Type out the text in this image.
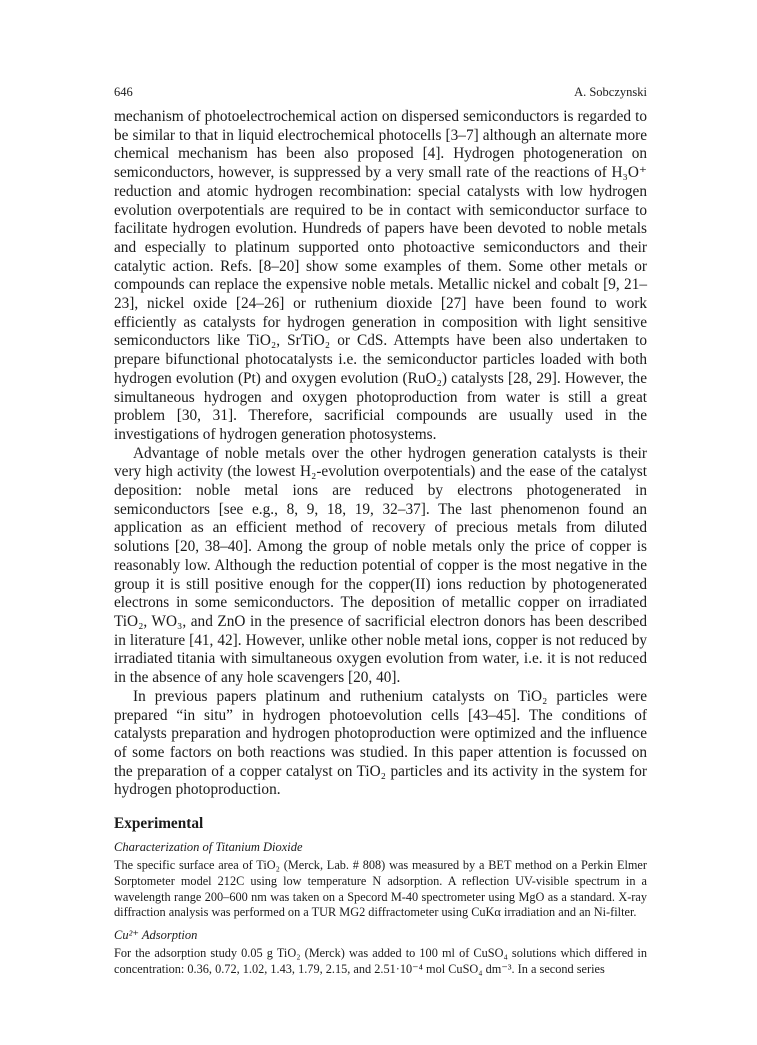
646	A. Sobczynski

mechanism of photoelectrochemical action on dispersed semiconductors is regarded to be similar to that in liquid electrochemical photocells [3–7] although an alternate more chemical mechanism has been also proposed [4]. Hydrogen photogeneration on semiconductors, however, is suppressed by a very small rate of the reactions of H₃O⁺ reduction and atomic hydrogen recombination: special catalysts with low hydrogen evolution overpotentials are required to be in contact with semiconductor surface to facilitate hydrogen evolution. Hundreds of papers have been devoted to noble metals and especially to platinum supported onto photoactive semiconductors and their catalytic action. Refs. [8–20] show some examples of them. Some other metals or compounds can replace the expensive noble metals. Metallic nickel and cobalt [9, 21–23], nickel oxide [24–26] or ruthenium dioxide [27] have been found to work efficiently as catalysts for hydrogen generation in composition with light sensitive semiconductors like TiO₂, SrTiO₂ or CdS. Attempts have been also undertaken to prepare bifunctional photocatalysts i.e. the semiconductor particles loaded with both hydrogen evolution (Pt) and oxygen evolution (RuO₂) catalysts [28, 29]. However, the simultaneous hydrogen and oxygen photoproduction from water is still a great problem [30, 31]. Therefore, sacrificial compounds are usually used in the investigations of hydrogen generation photosystems.

Advantage of noble metals over the other hydrogen generation catalysts is their very high activity (the lowest H₂-evolution overpotentials) and the ease of the catalyst deposition: noble metal ions are reduced by electrons photogenerated in semiconductors [see e.g., 8, 9, 18, 19, 32–37]. The last phenomenon found an application as an efficient method of recovery of precious metals from diluted solutions [20, 38–40]. Among the group of noble metals only the price of copper is reasonably low. Although the reduction potential of copper is the most negative in the group it is still positive enough for the copper(II) ions reduction by photogenerated electrons in some semiconductors. The deposition of metallic copper on irradiated TiO₂, WO₃, and ZnO in the presence of sacrificial electron donors has been described in literature [41, 42]. However, unlike other noble metal ions, copper is not reduced by irradiated titania with simultaneous oxygen evolution from water, i.e. it is not reduced in the absence of any hole scavengers [20, 40].

In previous papers platinum and ruthenium catalysts on TiO₂ particles were prepared “in situ” in hydrogen photoevolution cells [43–45]. The conditions of catalysts preparation and hydrogen photoproduction were optimized and the influence of some factors on both reactions was studied. In this paper attention is focussed on the preparation of a copper catalyst on TiO₂ particles and its activity in the system for hydrogen photoproduction.

Experimental
Characterization of Titanium Dioxide

The specific surface area of TiO₂ (Merck, Lab. # 808) was measured by a BET method on a Perkin Elmer Sorptometer model 212C using low temperature N adsorption. A reflection UV-visible spectrum in a wavelength range 200–600 nm was taken on a Specord M-40 spectrometer using MgO as a standard. X-ray diffraction analysis was performed on a TUR MG2 diffractometer using CuKα irradiation and an Ni-filter.

Cu²⁺ Adsorption

For the adsorption study 0.05 g TiO₂ (Merck) was added to 100 ml of CuSO₄ solutions which differed in concentration: 0.36, 0.72, 1.02, 1.43, 1.79, 2.15, and 2.51·10⁻⁴ mol CuSO₄ dm⁻³. In a second series
